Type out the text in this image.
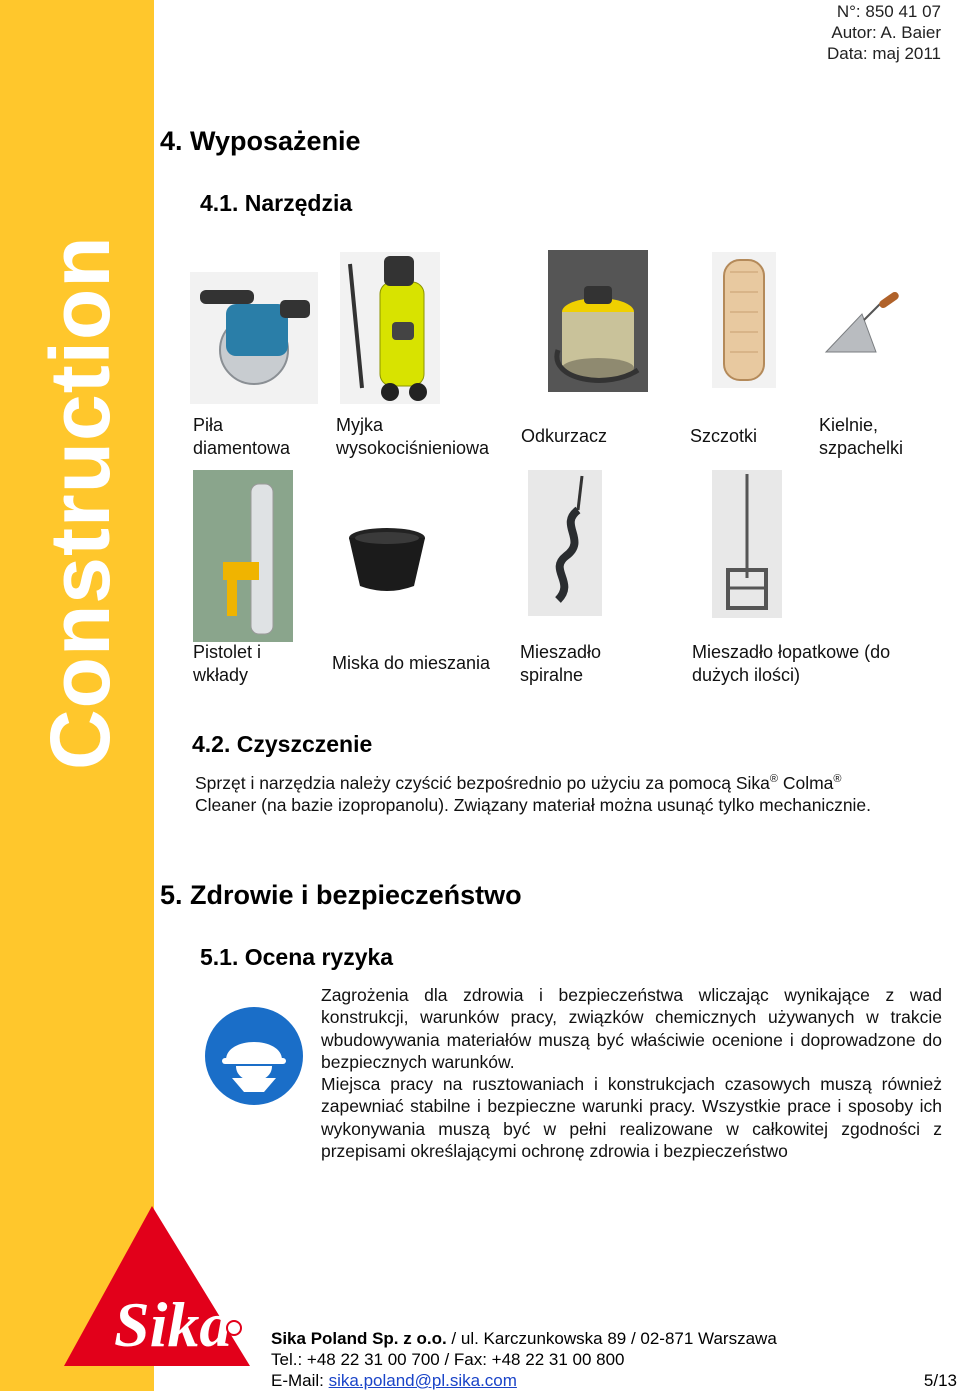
Construction
N°: 850 41 07
Autor: A. Baier
Data: maj 2011
4. Wyposażenie
4.1. Narzędzia
Piła diamentowa
Myjka wysokociśnieniowa
Odkurzacz	Szczotki
Kielnie, szpachelki
Pistolet i wkłady
Miska do mieszania
Mieszadło spiralne
Mieszadło łopatkowe (do dużych ilości)
4.2. Czyszczenie
Sprzęt i narzędzia należy czyścić bezpośrednio po użyciu za pomocą Sika® Colma® Cleaner (na bazie izopropanolu). Związany materiał można usunąć tylko mechanicznie.
5. Zdrowie i bezpieczeństwo
5.1. Ocena ryzyka
Zagrożenia dla zdrowia i bezpieczeństwa wliczając wynikające z wad konstrukcji, warunków pracy, związków chemicznych używanych w trakcie wbudowywania materiałów muszą być właściwie ocenione i doprowadzone do bezpiecznych warunków.
Miejsca pracy na rusztowaniach i konstrukcjach czasowych muszą również zapewniać stabilne i bezpieczne warunki pracy. Wszystkie prace i sposoby ich wykonywania muszą być w pełni realizowane w całkowitej zgodności z przepisami określającymi ochronę zdrowia i bezpieczeństwo
Sika Sika Poland Sp. z o.o. / ul. Karczunkowska 89 / 02-871 Warszawa
Tel.: +48 22 31 00 700 / Fax: +48 22 31 00 800
E-Mail: sika.poland@pl.sika.com	5/13
